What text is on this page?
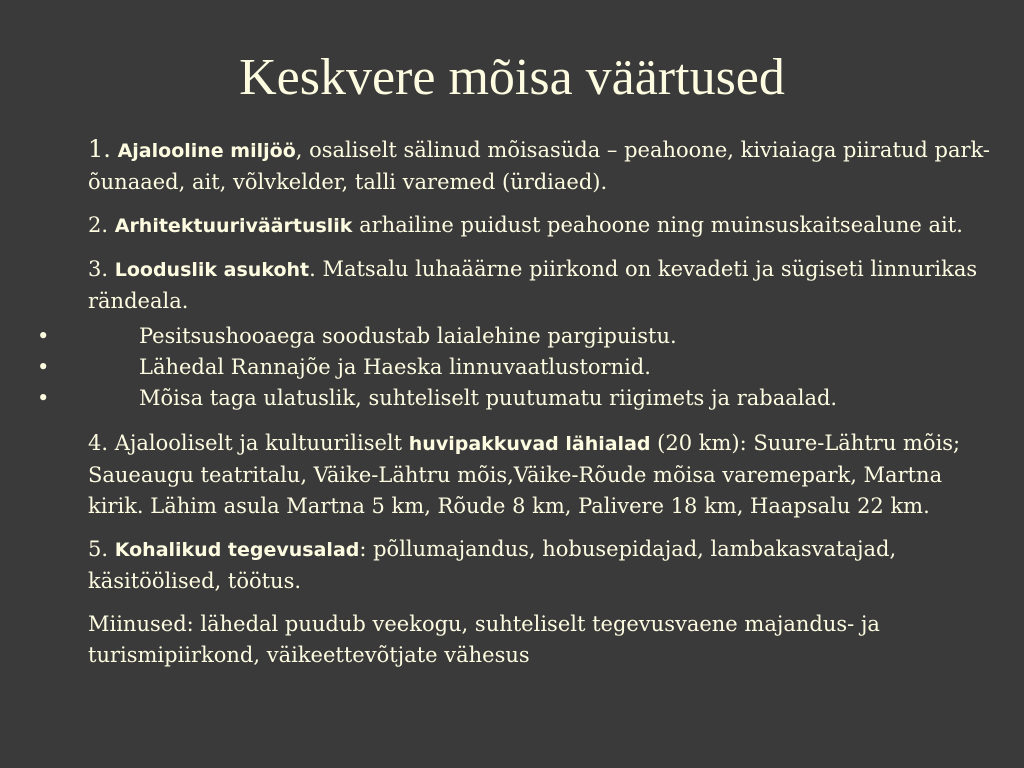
Keskvere mõisa väärtused
1. Ajalooline miljöö, osaliselt sälinud mõisasüda – peahoone, kiviaiaga piiratud park-õunaaed, ait, võlvkelder, talli varemed (ürdiaed).
2. Arhitektuuriväärtuslik arhailine puidust peahoone ning muinsuskaitsealune ait.
3. Looduslik asukoht. Matsalu luhaäärne piirkond on kevadeti ja sügiseti linnurikas rändeala.
•	Pesitsushooaega soodustab laialehine pargipuistu.
•	Lähedal Rannajõe ja Haeska linnuvaatlustornid.
•	Mõisa taga ulatuslik, suhteliselt puutumatu riigimets ja rabaalad.
4. Ajalooliselt ja kultuuriliselt huvipakkuvad lähialad (20 km): Suure-Lähtru mõis; Saueaugu teatritalu, Väike-Lähtru mõis,Väike-Rõude mõisa varemepark, Martna kirik. Lähim asula Martna 5 km, Rõude 8 km, Palivere 18 km, Haapsalu 22 km.
5. Kohalikud tegevusalad: põllumajandus, hobusepidajad, lambakasvatajad, käsitöölised, töötus.
Miinused: lähedal puudub veekogu, suhteliselt tegevusvaene majandus- ja turismipiirkond, väikeettevõtjate vähesus
